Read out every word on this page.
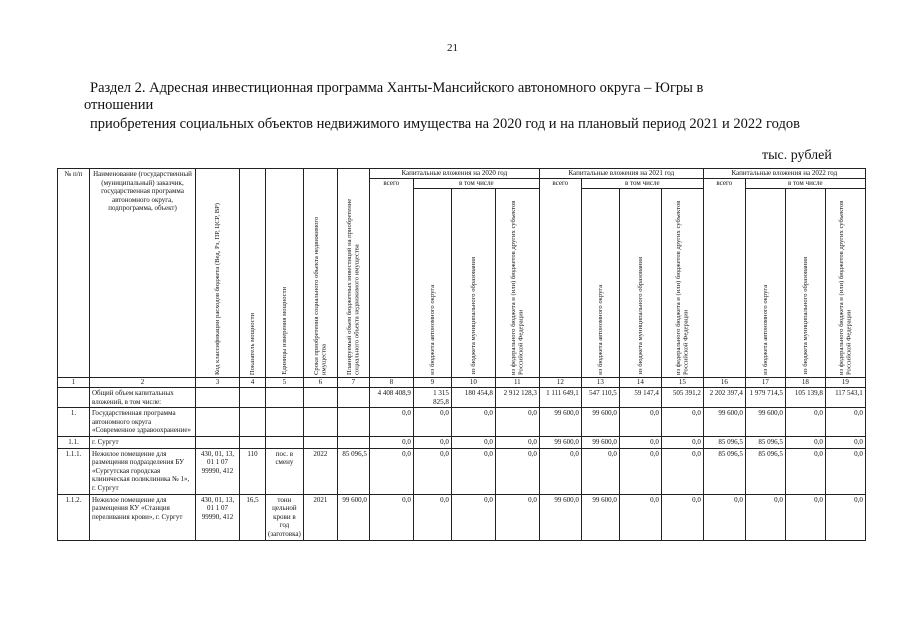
21
Раздел 2. Адресная инвестиционная программа Ханты-Мансийского автономного округа – Югры в
отношении
приобретения социальных объектов недвижимого имущества на 2020 год и на плановый период 2021 и 2022 годов
тыс. рублей
№ п/п	Наименование (государственный (муниципальный) заказчик, государственная программа автономного округа, подпрограмма, объект)	Код классификации расходов бюджета (Вед, Рз, ПР, ЦСР, ВР)	Показатель мощности	Единицы измерения мощности	Сроки приобретения социального объекта недвижимого имущества	Планируемый объем бюджетных инвестиций на приобретение социального объекта недвижимого имущества	Капитальные вложения на 2020 год				Капитальные вложения на 2021 год				Капитальные вложения на 2022 год			
							всего	в том числе			всего	в том числе			всего	в том числе		

								из бюджета автономного округа	из бюджета муниципального образования	из федерального бюджета и (или) бюджетов других субъектов Российской Федерации		из бюджета автономного округа	из бюджета муниципального образования	из федерального бюджета и (или) бюджетов других субъектов Российской Федерации		из бюджета автономного округа	из бюджета муниципального образования	из федерального бюджета и (или) бюджетов других субъектов Российской Федерации

1	2	3	4	5	6	7	8	9	10	11	12	13	14	15	16	17	18	19
	Общий объем капитальных вложений, в том числе:						4 408 408,9	1 315 825,8	180 454,8	2 912 128,3	1 111 649,1	547 110,5	59 147,4	505 391,2	2 202 397,4	1 979 714,5	105 139,8	117 543,1
1.	Государственная программа автономного округа «Современное здравоохранение»						0,0	0,0	0,0	0,0	99 600,0	99 600,0	0,0	0,0	99 600,0	99 600,0	0,0	0,0
1.1.	г. Сургут						0,0	0,0	0,0	0,0	99 600,0	99 600,0	0,0	0,0	85 096,5	85 096,5	0,0	0,0
1.1.1.	Нежилое помещение для размещения подразделения БУ «Сургутская городская клиническая поликлиника № 1», г. Сургут	430, 01, 13, 01 1 07 99990, 412	110	пос. в смену	2022	85 096,5	0,0	0,0	0,0	0,0	0,0	0,0	0,0	0,0	85 096,5	85 096,5	0,0	0,0
1.1.2.	Нежилое помещение для размещения КУ «Станция переливания крови», г. Сургут	430, 01, 13, 01 1 07 99990, 412	16,5	тонн цельной крови в год (заготовка)	2021	99 600,0	0,0	0,0	0,0	0,0	99 600,0	99 600,0	0,0	0,0	0,0	0,0	0,0	0,0
